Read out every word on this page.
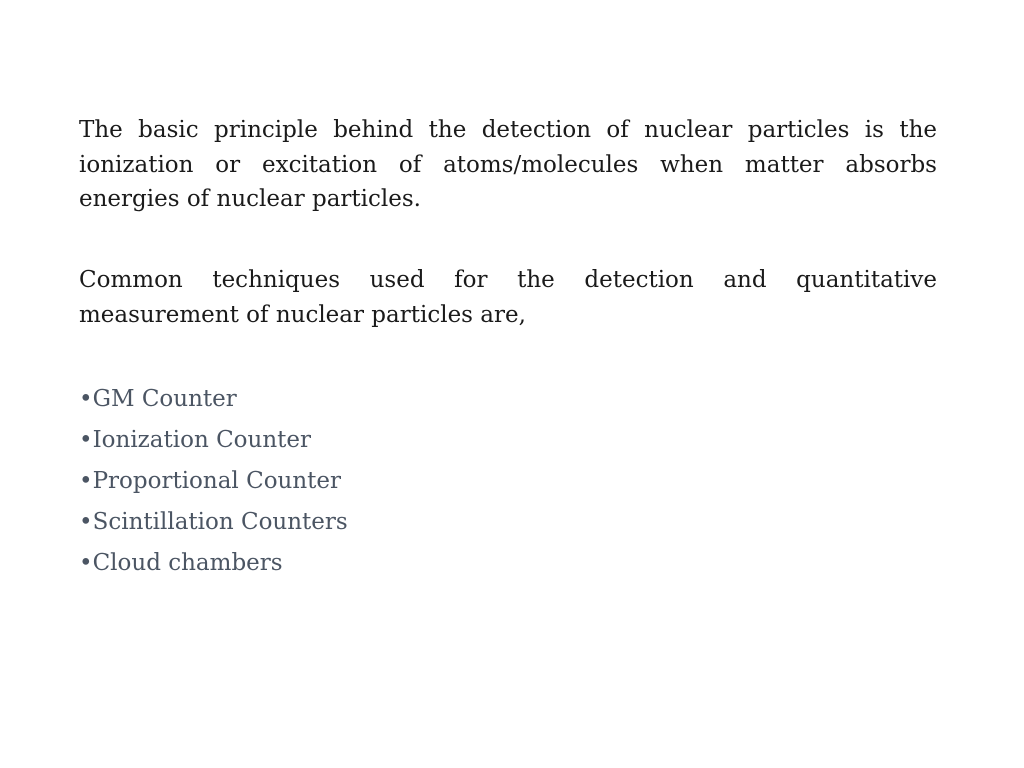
The basic principle behind the detection of nuclear particles is the ionization or excitation of atoms/molecules when matter absorbs energies of nuclear particles.

Common techniques used for the detection and quantitative measurement of nuclear particles are,

•GM Counter
•Ionization Counter
•Proportional Counter
•Scintillation Counters
•Cloud chambers
